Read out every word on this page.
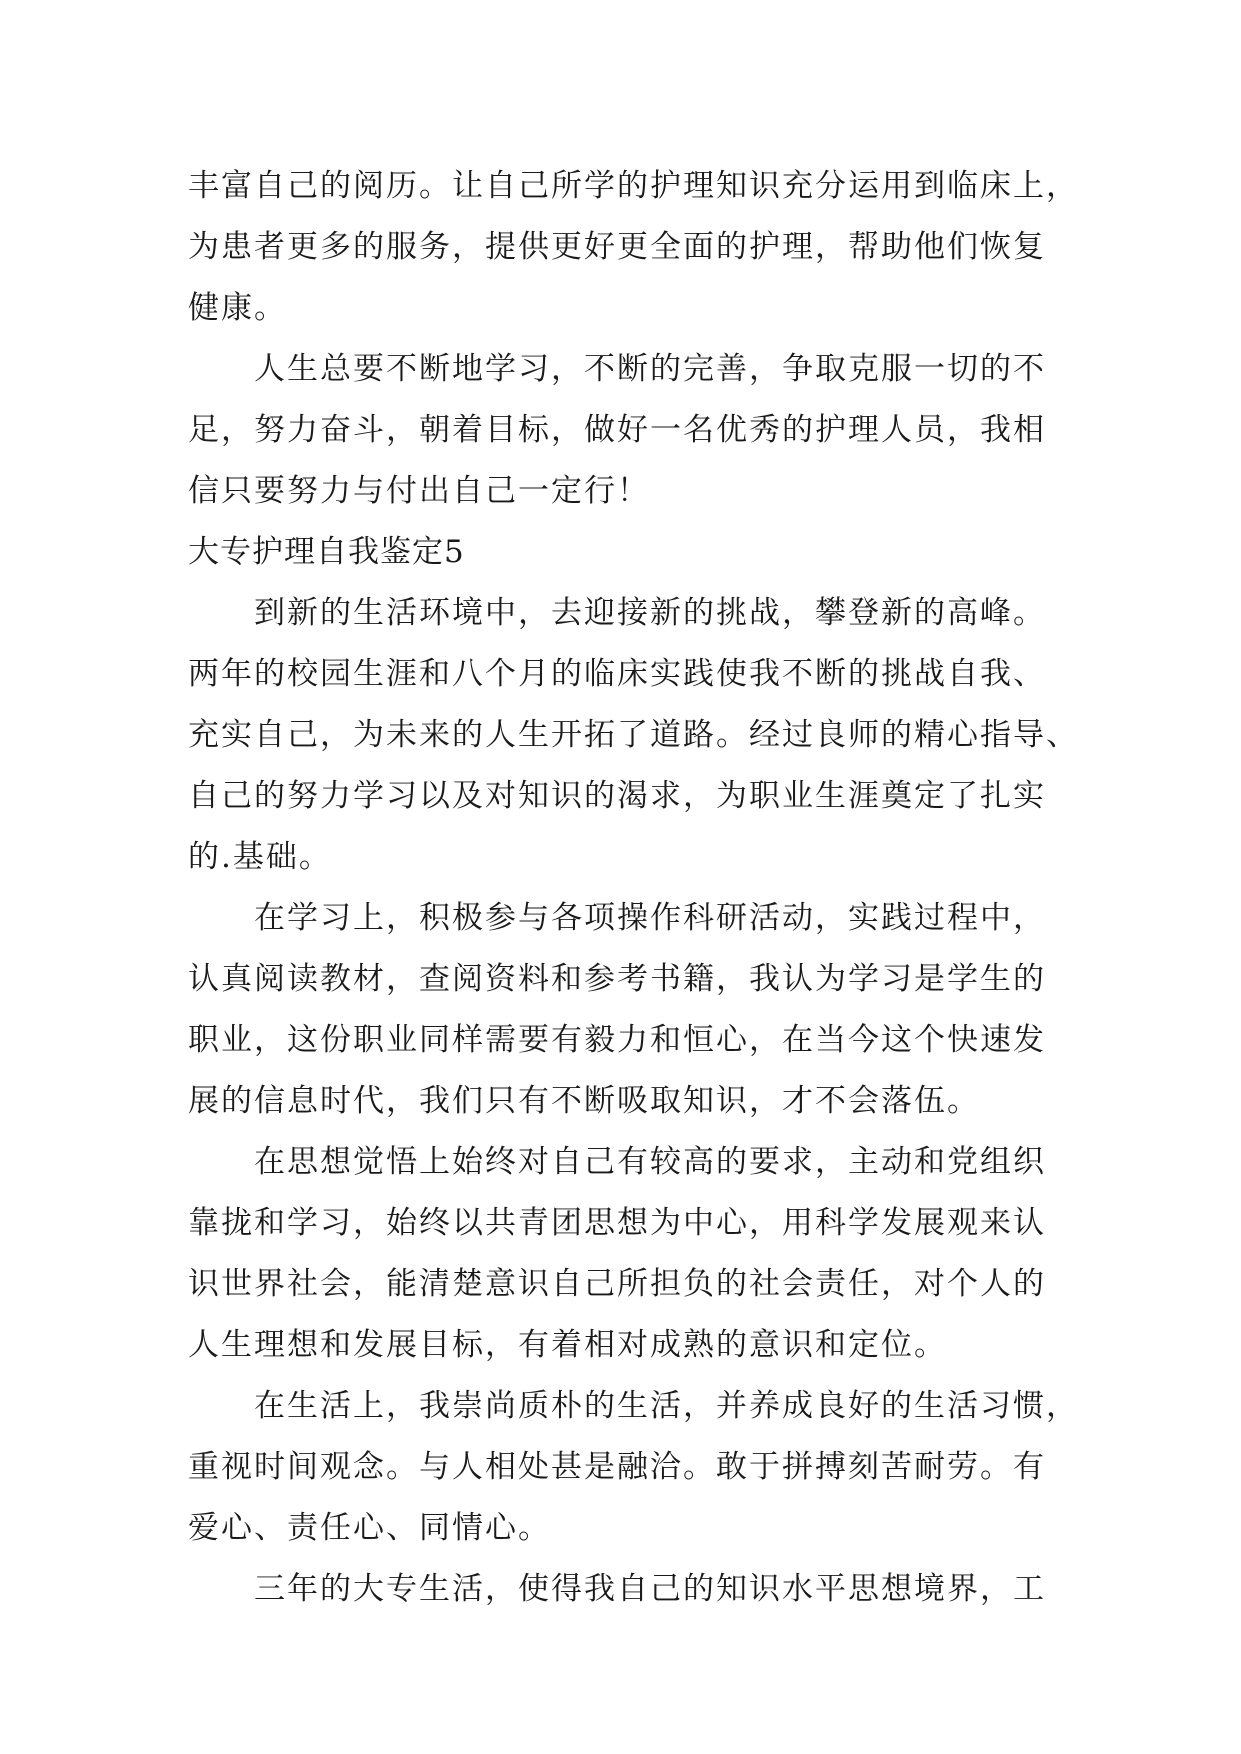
丰富自己的阅历。让自己所学的护理知识充分运用到临床上，
为患者更多的服务，提供更好更全面的护理，帮助他们恢复
健康。
人生总要不断地学习，不断的完善，争取克服一切的不
足，努力奋斗，朝着目标，做好一名优秀的护理人员，我相
信只要努力与付出自己一定行！
大专护理自我鉴定5
到新的生活环境中，去迎接新的挑战，攀登新的高峰。
两年的校园生涯和八个月的临床实践使我不断的挑战自我、
充实自己，为未来的人生开拓了道路。经过良师的精心指导、
自己的努力学习以及对知识的渴求，为职业生涯奠定了扎实
的.基础。
在学习上，积极参与各项操作科研活动，实践过程中，
认真阅读教材，查阅资料和参考书籍，我认为学习是学生的
职业，这份职业同样需要有毅力和恒心，在当今这个快速发
展的信息时代，我们只有不断吸取知识，才不会落伍。
在思想觉悟上始终对自己有较高的要求，主动和党组织
靠拢和学习，始终以共青团思想为中心，用科学发展观来认
识世界社会，能清楚意识自己所担负的社会责任，对个人的
人生理想和发展目标，有着相对成熟的意识和定位。
在生活上，我崇尚质朴的生活，并养成良好的生活习惯，
重视时间观念。与人相处甚是融洽。敢于拼搏刻苦耐劳。有
爱心、责任心、同情心。
三年的大专生活，使得我自己的知识水平思想境界，工
